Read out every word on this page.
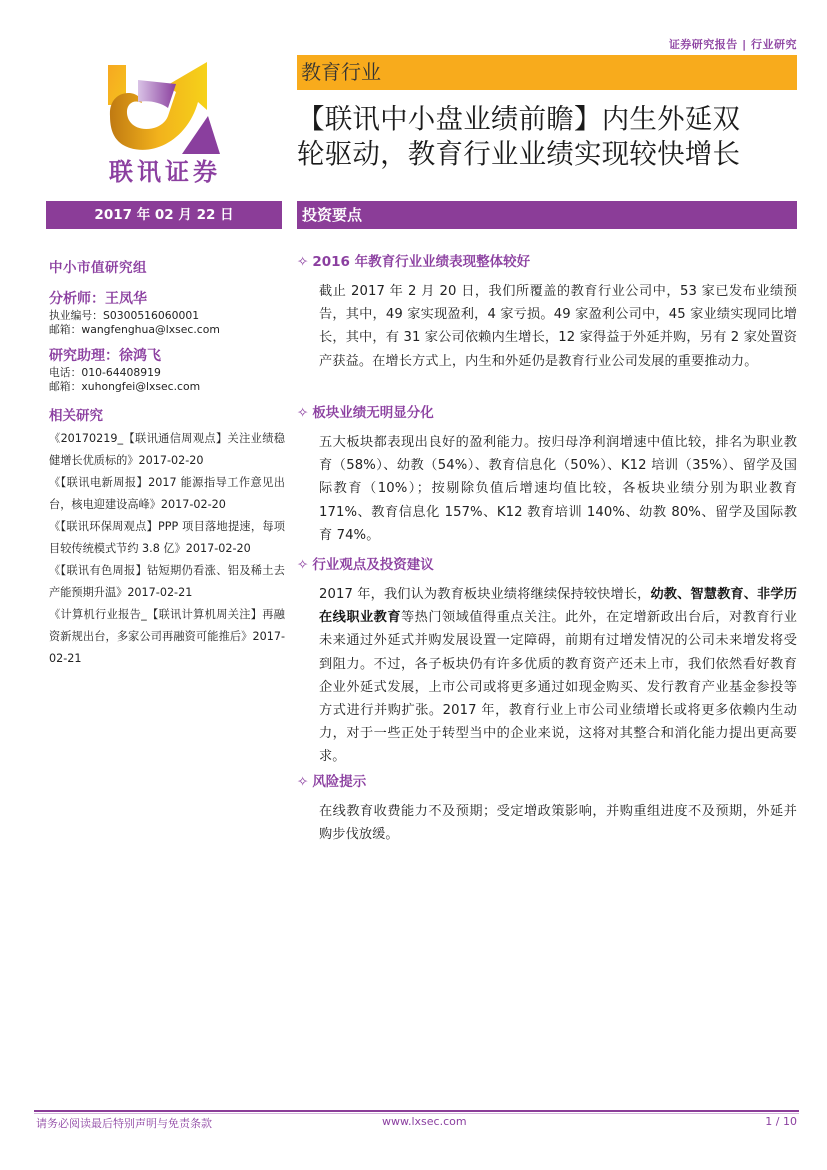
证券研究报告 | 行业研究
联讯证券
教育行业
【联讯中小盘业绩前瞻】内生外延双
轮驱动，教育行业业绩实现较快增长
2017 年 02 月 22 日	投资要点
中小市值研究组
分析师：王凤华
执业编号：S0300516060001
邮箱：wangfenghua@lxsec.com
研究助理：徐鸿飞
电话：010-64408919
邮箱：xuhongfei@lxsec.com
相关研究
《20170219_【联讯通信周观点】关注业绩稳健增长优质标的》2017-02-20
《【联讯电新周报】2017 能源指导工作意见出台，核电迎建设高峰》2017-02-20
《【联讯环保周观点】PPP 项目落地提速，每项目较传统模式节约 3.8 亿》2017-02-20
《【联讯有色周报】钴短期仍看涨、铝及稀土去产能预期升温》2017-02-21
《计算机行业报告_【联讯计算机周关注】再融资新规出台，多家公司再融资可能推后》2017-02-21
✧ 2016 年教育行业业绩表现整体较好
截止 2017 年 2 月 20 日，我们所覆盖的教育行业公司中，53 家已发布业绩预告，其中，49 家实现盈利，4 家亏损。49 家盈利公司中，45 家业绩实现同比增长，其中，有 31 家公司依赖内生增长，12 家得益于外延并购，另有 2 家处置资产获益。在增长方式上，内生和外延仍是教育行业公司发展的重要推动力。
✧ 板块业绩无明显分化
五大板块都表现出良好的盈利能力。按归母净利润增速中值比较，排名为职业教育（58%）、幼教（54%）、教育信息化（50%）、K12 培训（35%）、留学及国际教育（10%）；按剔除负值后增速均值比较，各板块业绩分别为职业教育 171%、教育信息化 157%、K12 教育培训 140%、幼教 80%、留学及国际教育 74%。
✧ 行业观点及投资建议
2017 年，我们认为教育板块业绩将继续保持较快增长，幼教、智慧教育、非学历在线职业教育等热门领域值得重点关注。此外，在定增新政出台后，对教育行业未来通过外延式并购发展设置一定障碍，前期有过增发情况的公司未来增发将受到阻力。不过，各子板块仍有许多优质的教育资产还未上市，我们依然看好教育企业外延式发展，上市公司或将更多通过如现金购买、发行教育产业基金参投等方式进行并购扩张。2017 年，教育行业上市公司业绩增长或将更多依赖内生动力，对于一些正处于转型当中的企业来说，这将对其整合和消化能力提出更高要求。
✧ 风险提示
在线教育收费能力不及预期；受定增政策影响，并购重组进度不及预期，外延并购步伐放缓。
请务必阅读最后特别声明与免责条款	www.lxsec.com	1 / 10
